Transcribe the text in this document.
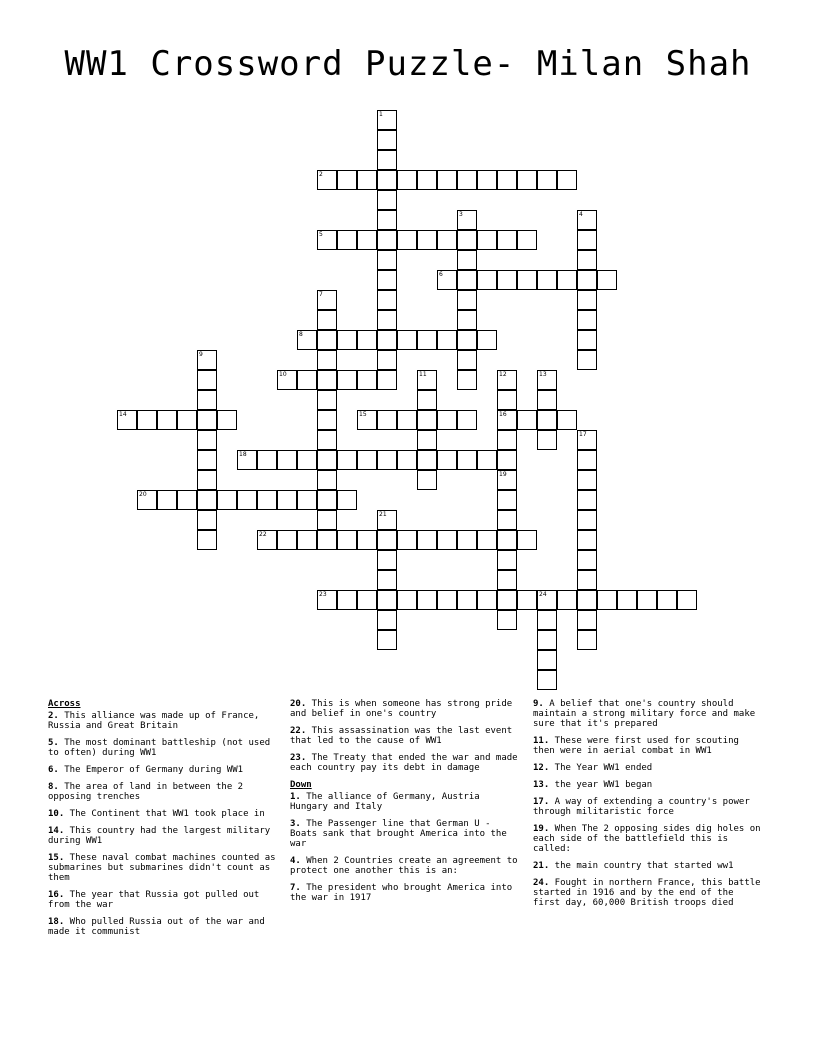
WW1 Crossword Puzzle- Milan Shah
1
2
3	4
5
6
7
8
9
10	11	12
16
13
14	15
17
18
19
20
21
22
23	24
Across
2. This alliance was made up of France, Russia and Great Britain
5. The most dominant battleship (not used to often) during WW1
6. The Emperor of Germany during WW1
8. The area of land in between the 2 opposing trenches
10. The Continent that WW1 took place in
14. This country had the largest military during WW1
15. These naval combat machines counted as submarines but submarines didn't count as them
16. The year that Russia got pulled out from the war
18. Who pulled Russia out of the war and made it communist
20. This is when someone has strong pride and belief in one's country
22. This assassination was the last event that led to the cause of WW1
23. The Treaty that ended the war and made each country pay its debt in damage
Down
1. The alliance of Germany, Austria Hungary and Italy
3. The Passenger line that German U - Boats sank that brought America into the war
4. When 2 Countries create an agreement to protect one another this is an:
7. The president who brought America into the war in 1917
9. A belief that one's country should maintain a strong military force and make sure that it's prepared
11. These were first used for scouting then were in aerial combat in WW1
12. The Year WW1 ended
13. the year WW1 began
17. A way of extending a country's power through militaristic force
19. When The 2 opposing sides dig holes on each side of the battlefield this is called:
21. the main country that started ww1
24. Fought in northern France, this battle started in 1916 and by the end of the first day, 60,000 British troops died
